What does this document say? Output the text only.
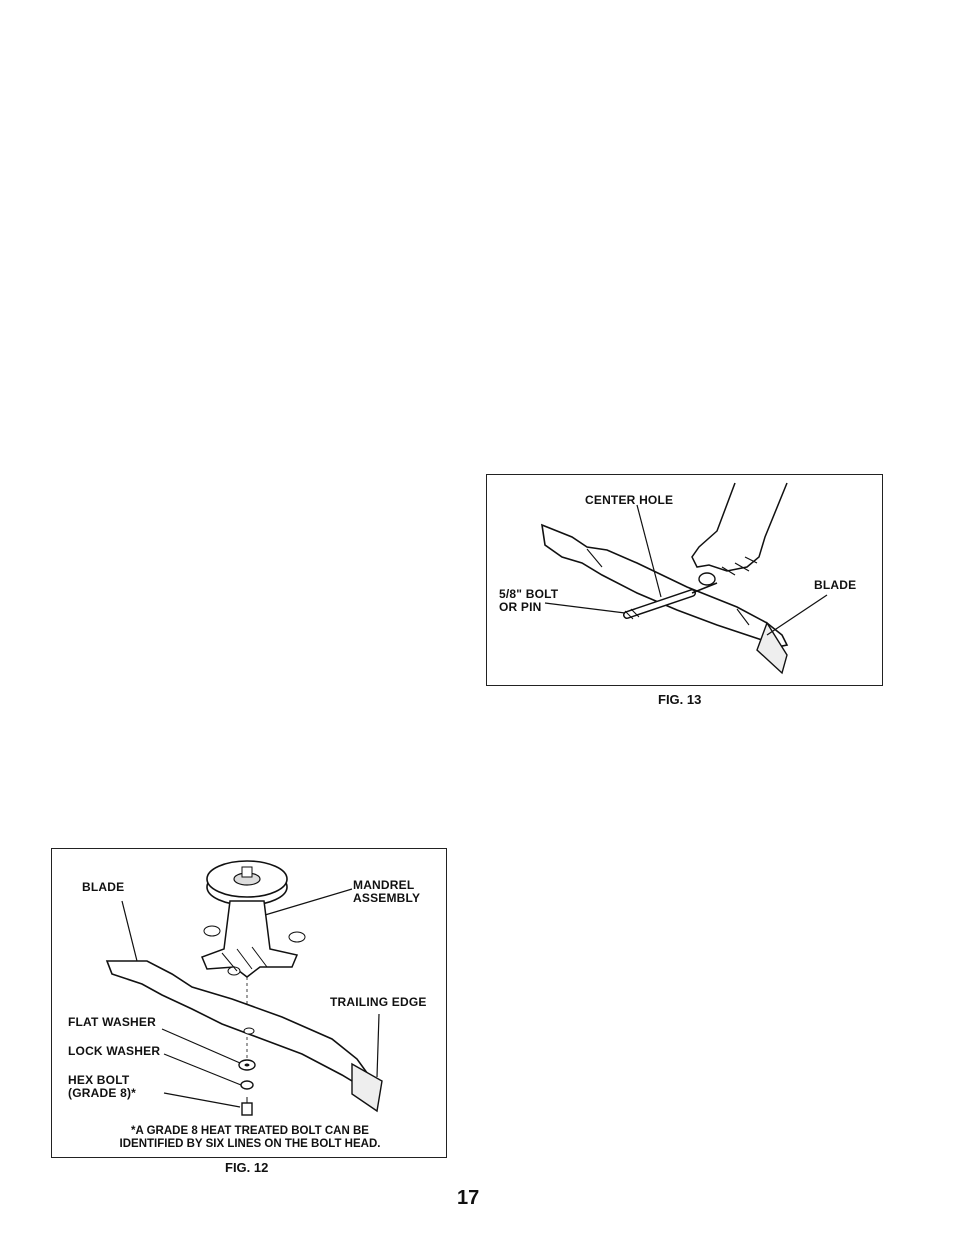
CENTER HOLE
5/8" BOLT
OR PIN
BLADE
FIG. 13
BLADE	MANDREL
ASSEMBLY
TRAILING EDGE
FLAT WASHER
LOCK WASHER
HEX BOLT
(GRADE 8)*
*A GRADE 8 HEAT TREATED BOLT CAN BE
IDENTIFIED BY SIX LINES ON THE BOLT HEAD.
FIG. 12
17
